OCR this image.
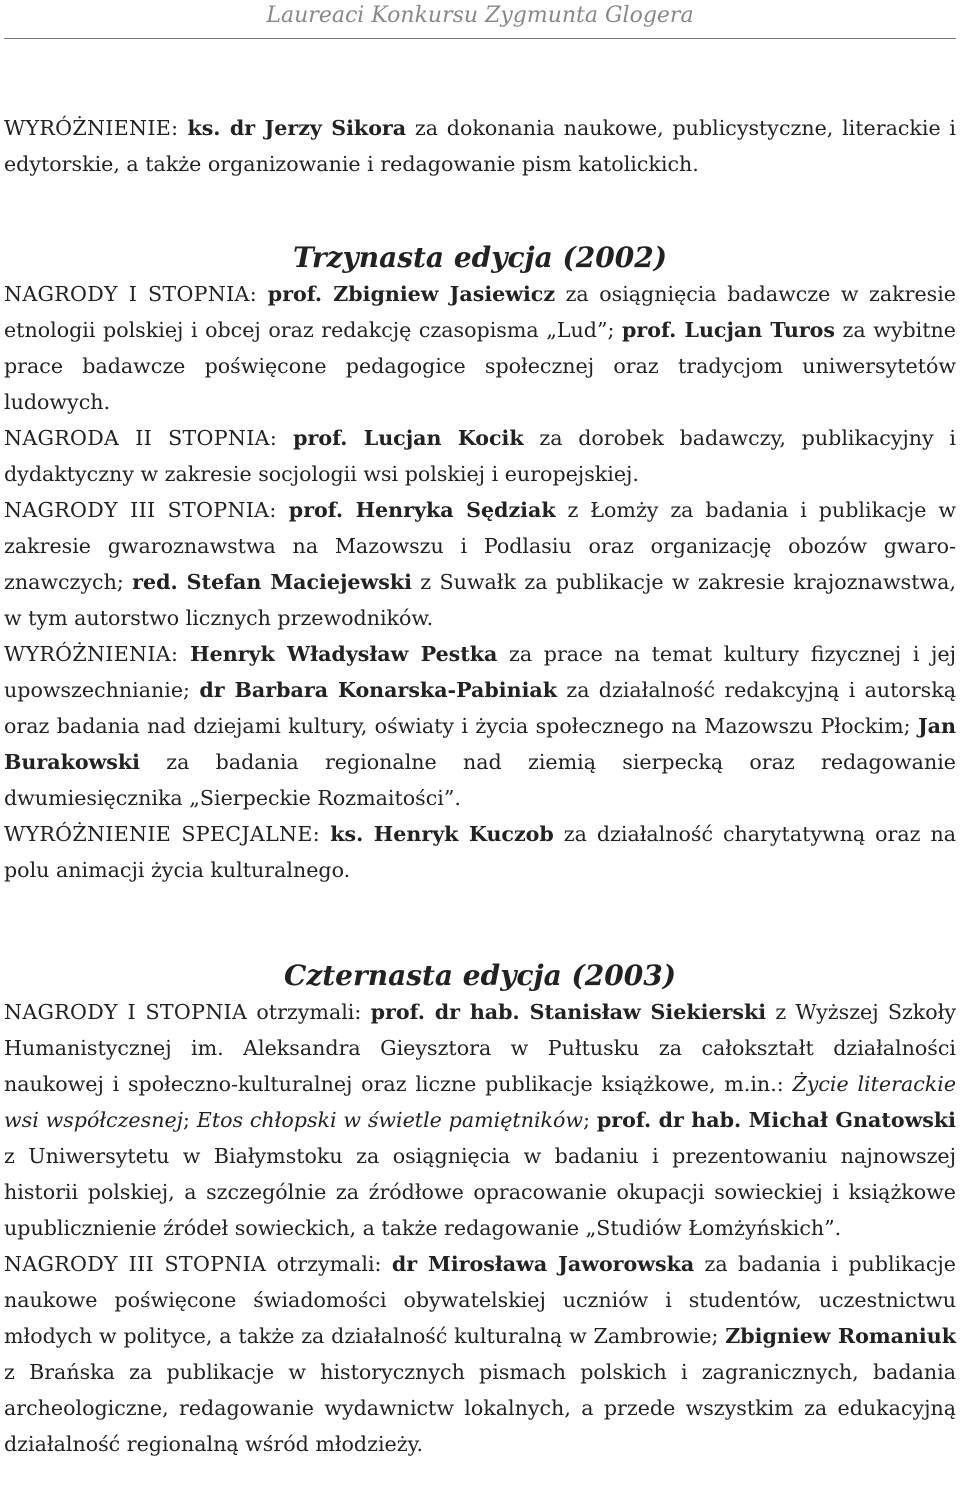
Laureaci Konkursu Zygmunta Glogera

WYRÓŻNIENIE: ks. dr Jerzy Sikora za dokonania naukowe, publicystyczne, literackie i edytorskie, a także organizowanie i redagowanie pism katolickich.

Trzynasta edycja (2002)

NAGRODY I STOPNIA: prof. Zbigniew Jasiewicz za osiągnięcia badawcze w zakresie etnologii polskiej i obcej oraz redakcję czasopisma „Lud”; prof. Lucjan Turos za wybitne prace badawcze poświęcone pedagogice społecznej oraz tradycjom uniwersytetów ludowych.

NAGRODA II STOPNIA: prof. Lucjan Kocik za dorobek badawczy, publikacyjny i dydaktyczny w zakresie socjologii wsi polskiej i europejskiej.

NAGRODY III STOPNIA: prof. Henryka Sędziak z Łomży za badania i publikacje w zakresie gwaroznawstwa na Mazowszu i Podlasiu oraz organizację obozów gwaroznawczych; red. Stefan Maciejewski z Suwałk za publikacje w zakresie krajoznawstwa, w tym autorstwo licznych przewodników.

WYRÓŻNIENIA: Henryk Władysław Pestka za prace na temat kultury fizycznej i jej upowszechnianie; dr Barbara Konarska-Pabiniak za działalność redakcyjną i autorską oraz badania nad dziejami kultury, oświaty i życia społecznego na Mazowszu Płockim; Jan Burakowski za badania regionalne nad ziemią sierpecką oraz redagowanie dwumiesięcznika „Sierpeckie Rozmaitości”.

WYRÓŻNIENIE SPECJALNE: ks. Henryk Kuczob za działalność charytatywną oraz na polu animacji życia kulturalnego.

Czternasta edycja (2003)

NAGRODY I STOPNIA otrzymali: prof. dr hab. Stanisław Siekierski z Wyższej Szkoły Humanistycznej im. Aleksandra Gieysztora w Pułtusku za całokształt działalności naukowej i społeczno-kulturalnej oraz liczne publikacje książkowe, m.in.: Życie literackie wsi współczesnej; Etos chłopski w świetle pamiętników; prof. dr hab. Michał Gnatowski z Uniwersytetu w Białymstoku za osiągnięcia w badaniu i prezentowaniu najnowszej historii polskiej, a szczególnie za źródłowe opracowanie okupacji sowieckiej i książkowe upublicznienie źródeł sowieckich, a także redagowanie „Studiów Łomżyńskich”.

NAGRODY III STOPNIA otrzymali: dr Mirosława Jaworowska za badania i publikacje naukowe poświęcone świadomości obywatelskiej uczniów i studentów, uczestnictwu młodych w polityce, a także za działalność kulturalną w Zambrowie; Zbigniew Romaniuk z Brańska za publikacje w historycznych pismach polskich i zagranicznych, badania archeologiczne, redagowanie wydawnictw lokalnych, a przede wszystkim za edukacyjną działalność regionalną wśród młodzieży.
